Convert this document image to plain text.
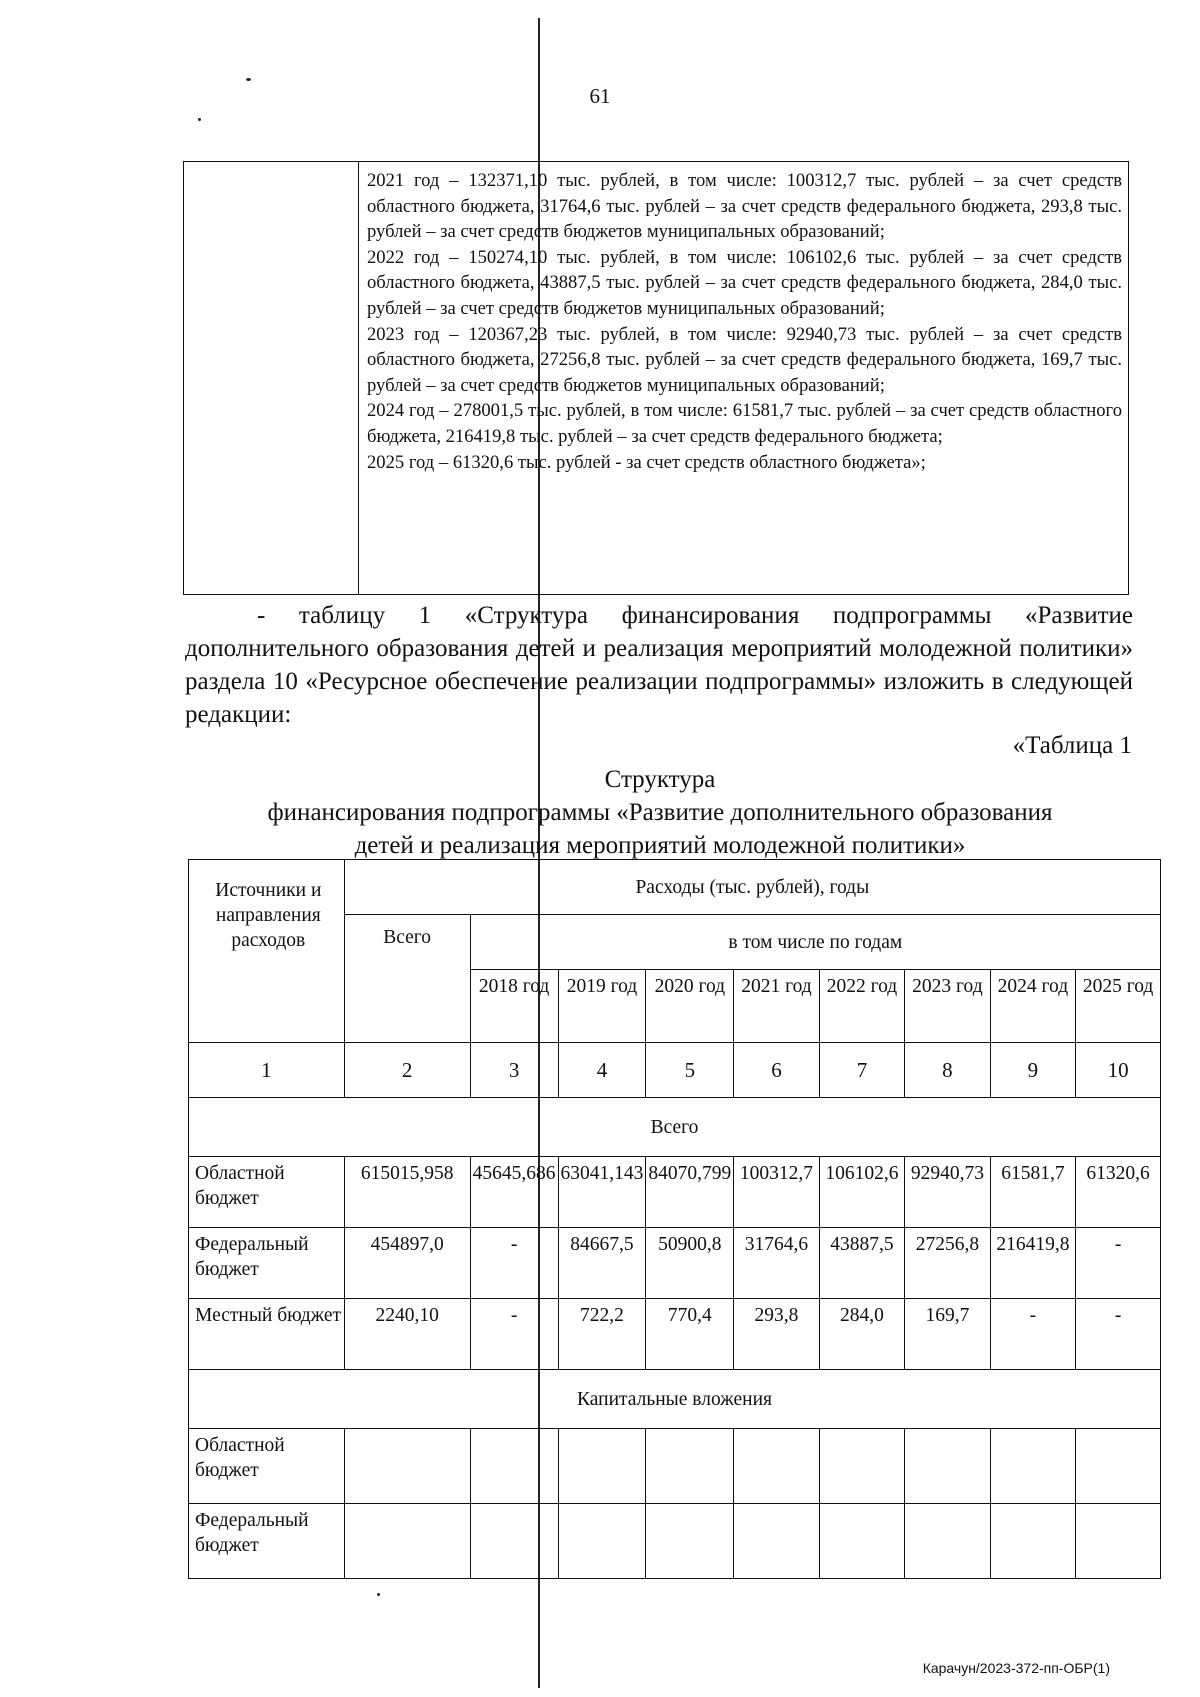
61

2021 год – 132371,10 тыс. рублей, в том числе: 100312,7 тыс. рублей – за счет средств областного бюджета, 31764,6 тыс. рублей – за счет средств федерального бюджета, 293,8 тыс. рублей – за счет средств бюджетов муниципальных образований;
2022 год – 150274,10 тыс. рублей, в том числе: 106102,6 тыс. рублей – за счет средств областного бюджета, 43887,5 тыс. рублей – за счет средств федерального бюджета, 284,0 тыс. рублей – за счет средств бюджетов муниципальных образований;
2023 год – 120367,23 тыс. рублей, в том числе: 92940,73 тыс. рублей – за счет средств областного бюджета, 27256,8 тыс. рублей – за счет средств федерального бюджета, 169,7 тыс. рублей – за счет средств бюджетов муниципальных образований;
2024 год – 278001,5 тыс. рублей, в том числе: 61581,7 тыс. рублей – за счет средств областного бюджета, 216419,8 тыс. рублей – за счет средств федерального бюджета;
2025 год – 61320,6 тыс. рублей - за счет средств областного бюджета»;

- таблицу 1 «Структура финансирования подпрограммы «Развитие дополнительного образования детей и реализация мероприятий молодежной политики» раздела 10 «Ресурсное обеспечение реализации подпрограммы» изложить в следующей редакции:

«Таблица 1
Структура
финансирования подпрограммы «Развитие дополнительного образования
детей и реализация мероприятий молодежной политики»
Источники и направления расходов	Расходы (тыс. рублей), годы								
	Всего	в том числе по годам							
		2018 год	2019 год	2020 год	2021 год	2022 год	2023 год	2024 год	2025 год
1	2	3	4	5	6	7	8	9	10
Всего									
Областной бюджет	615015,958	45645,686	63041,143	84070,799	100312,7	106102,6	92940,73	61581,7	61320,6
Федеральный бюджет	454897,0	-	84667,5	50900,8	31764,6	43887,5	27256,8	216419,8	-
Местный бюджет	2240,10	-	722,2	770,4	293,8	284,0	169,7	-	-
Капитальные вложения									
Областной бюджет									
Федеральный бюджет									
Карачун/2023-372-пп-ОБР(1)
